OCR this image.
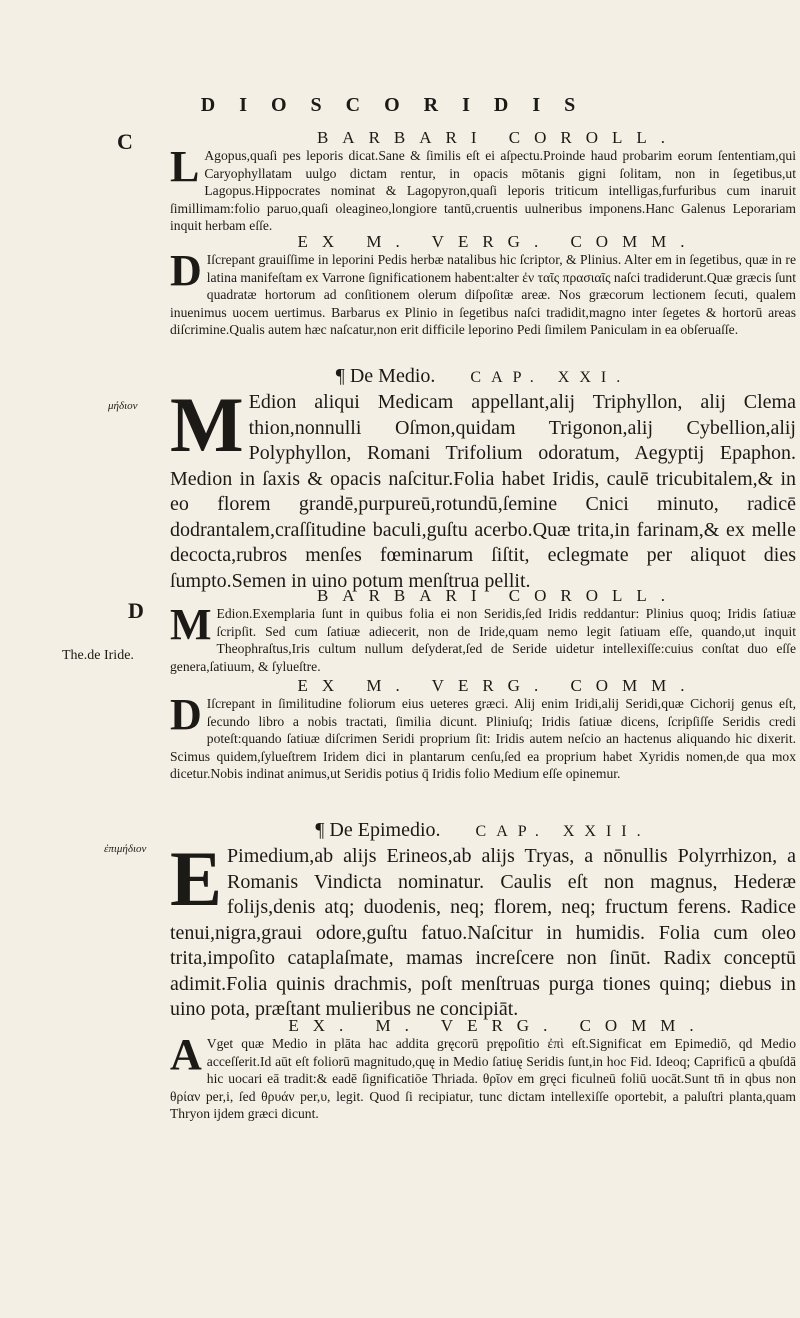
DIOSCORIDIS
C
μήδιον
D
The.de Iride.
ἐπιμήδιον
BARBARI COROLL.

L Agopus,quaſi pes leporis dicat.Sane & ſimilis eſt ei aſpectu.Proinde haud probarim eorum ſententiam,qui Caryophyllatam uulgo dictam rentur, in opacis mōtanis gigni ſolitam, non in ſegetibus,ut Lagopus.Hippocrates nominat & Lagopyron,quaſi leporis triticum intelligas,furfuribus cum inaruit ſimillimam:folio paruo,quaſi oleagineo,longiore tantū,cruentis uulneribus imponens.Hanc Galenus Leporariam inquit herbam eſſe.

EX M. VERG. COMM.

D Iſcrepant grauiſſime in leporini Pedis herbæ natalibus hic ſcriptor, & Plinius. Alter em in ſegetibus, quæ in re latina manifeſtam ex Varrone ſignificationem habent:alter ἐν ταῖς πρασιαῖς naſci tradiderunt.Quæ græcis ſunt quadratæ hortorum ad conſitionem olerum diſpoſitæ areæ. Nos græcorum lectionem ſecuti, qualem inuenimus uocem uertimus. Barbarus ex Plinio in ſegetibus naſci tradidit,magno inter ſegetes & hortorū areas diſcrimine.Qualis autem hæc naſcatur,non erit difficile leporino Pedi ſimilem Paniculam in ea obſeruaſſe.

¶ De Medio. CAP. XXI.

M Edion aliqui Medicam appellant,alij Triphyllon, alij Clema thion,nonnulli Oſmon,quidam Trigonon,alij Cybellion,alij Polyphyllon, Romani Trifolium odoratum, Aegyptij Epaphon. Medion in ſaxis & opacis naſcitur.Folia habet Iridis, caulē tricubitalem,& in eo florem grandē,purpureū,rotundū,ſemine Cnici minuto, radicē dodrantalem,craſſitudine baculi,guſtu acerbo.Quæ trita,in farinam,& ex melle decocta,rubros menſes fœminarum ſiſtit, eclegmate per aliquot dies ſumpto.Semen in uino potum menſtrua pellit.

BARBARI COROLL.

M Edion.Exemplaria ſunt in quibus folia ei non Seridis,ſed Iridis reddantur: Plinius quoq; Iridis ſatiuæ ſcripſit. Sed cum ſatiuæ adiecerit, non de Iride,quam nemo legit ſatiuam eſſe, quando,ut inquit Theophraſtus,Iris cultum nullum deſyderat,ſed de Seride uidetur intellexiſſe:cuius conſtat duo eſſe genera,ſatiuum, & ſylueſtre.

EX M. VERG. COMM.

D Iſcrepant in ſimilitudine foliorum eius ueteres græci. Alij enim Iridi,alij Seridi,quæ Cichorij genus eſt, ſecundo libro a nobis tractati, ſimilia dicunt. Pliniuſq; Iridis ſatiuæ dicens, ſcripſiſſe Seridis credi poteſt:quando ſatiuæ diſcrimen Seridi proprium ſit: Iridis autem neſcio an hactenus aliquando hic dixerit. Scimus quidem,ſylueſtrem Iridem dici in plantarum cenſu,ſed ea proprium habet Xyridis nomen,de qua mox dicetur.Nobis indinat animus,ut Seridis potius q̄ Iridis folio Medium eſſe opinemur.

¶ De Epimedio. CAP. XXII.

E Pimedium,ab alijs Erineos,ab alijs Tryas, a nōnullis Polyrrhizon, a Romanis Vindicta nominatur. Caulis eſt non magnus, Hederæ folijs,denis atq; duodenis, neq; florem, neq; fructum ferens. Radice tenui,nigra,graui odore,guſtu fatuo.Naſcitur in humidis. Folia cum oleo trita,impoſito cataplaſmate, mamas increſcere non ſinūt. Radix conceptū adimit.Folia quinis drachmis, poſt menſtruas purga tiones quinq; diebus in uino pota, præſtant mulieribus ne concipiāt.

EX. M. VERG. COMM.

A Vget quæ Medio in plāta hac addita gręcorū prępoſitio ἐπὶ eſt.Significat em Epimediō, qd Medio acceſſerit.Id aūt eſt foliorū magnitudo,quę in Medio ſatiuę Seridis ſunt,in hoc Fid. Ideoq; Caprificū a qbuſdā hic uocari eā tradit:& eadē ſignificatiōe Thriada. θρῖον em gręci ficulneū foliū uocāt.Sunt tn̄ in qbus non θρίαν per,i, ſed θρυάν per,υ, legit. Quod ſi recipiatur, tunc dictam intellexiſſe oportebit, a paluſtri planta,quam Thryon ijdem græci dicunt.
